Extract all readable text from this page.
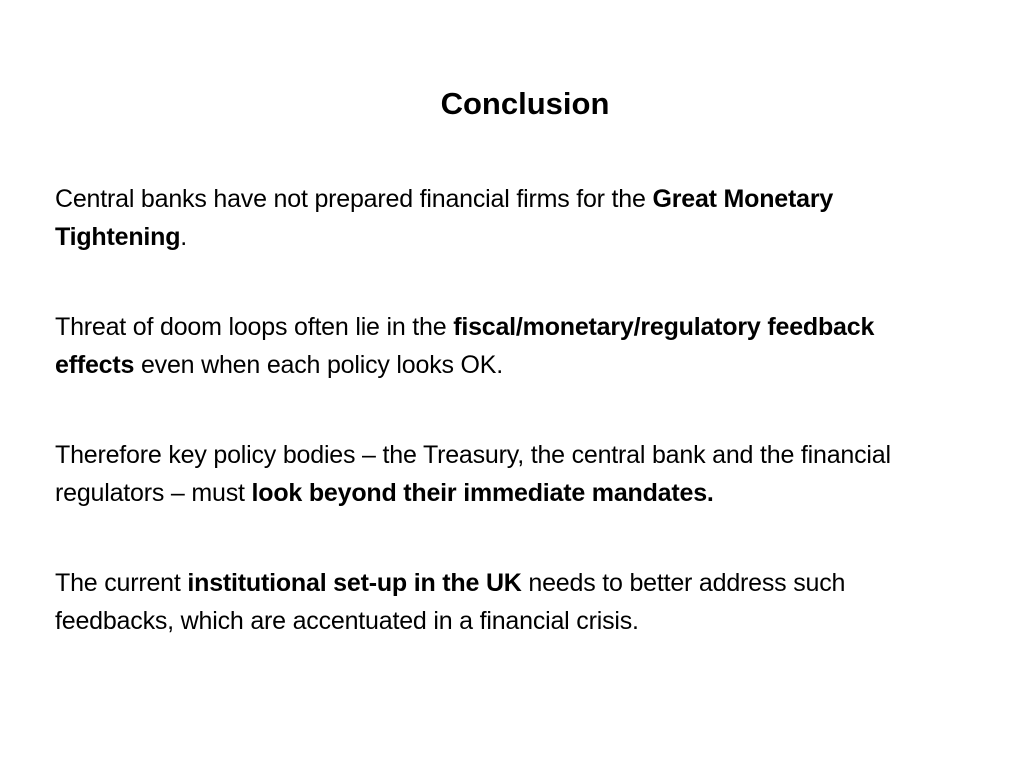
Conclusion

Central banks have not prepared financial firms for the Great Monetary Tightening.

Threat of doom loops often lie in the fiscal/monetary/regulatory feedback effects even when each policy looks OK.

Therefore key policy bodies – the Treasury, the central bank and the financial regulators – must look beyond their immediate mandates.

The current institutional set-up in the UK needs to better address such feedbacks, which are accentuated in a financial crisis.
